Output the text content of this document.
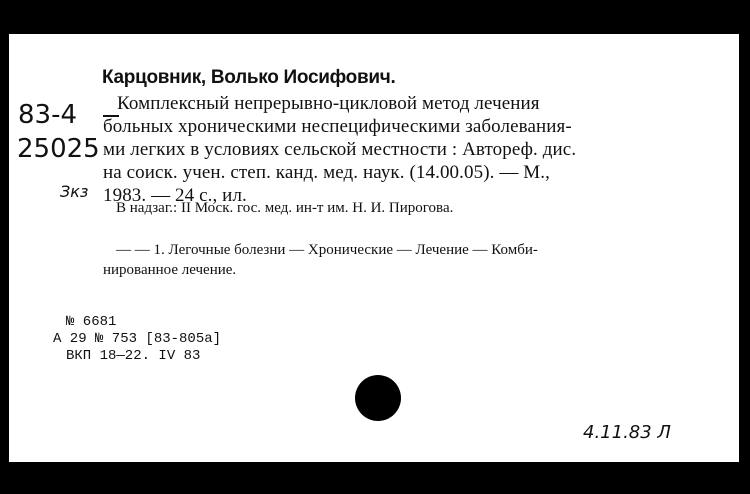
83-4
25025
Зкз
Карцовник, Волько Иосифович.
Комплексный непрерывно-цикловой метод лечения
больных хроническими неспецифическими заболевания-
ми легких в условиях сельской местности : Автореф. дис.
на соиск. учен. степ. канд. мед. наук. (14.00.05). — М.,
1983. — 24 с., ил.
В надзаг.: II Моск. гос. мед. ин-т им. Н. И. Пирогова.
— — 1. Легочные болезни — Хронические — Лечение — Комби-
нированное лечение.
№ 6681
А 29 № 753 [83-805а]
ВКП 18—22. IV 83
4.11.83 Л
